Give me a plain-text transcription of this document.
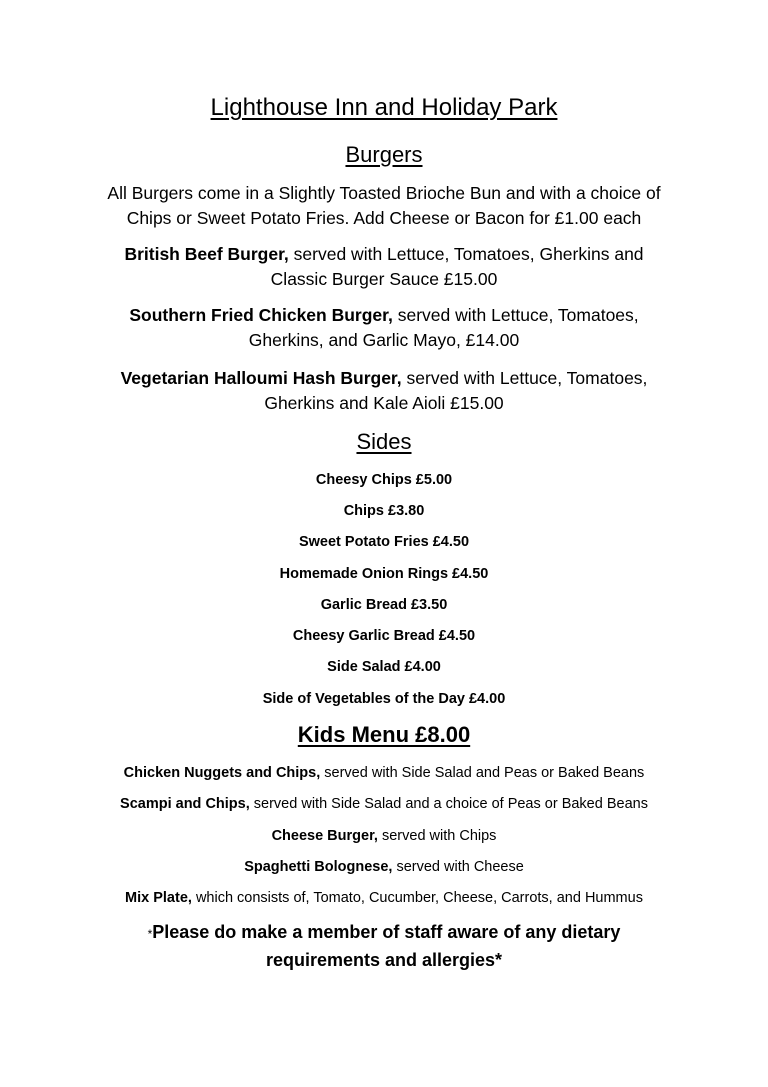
Lighthouse Inn and Holiday Park
Burgers
All Burgers come in a Slightly Toasted Brioche Bun and with a choice of
Chips or Sweet Potato Fries. Add Cheese or Bacon for £1.00 each
British Beef Burger, served with Lettuce, Tomatoes, Gherkins and
Classic Burger Sauce £15.00
Southern Fried Chicken Burger, served with Lettuce, Tomatoes,
Gherkins, and Garlic Mayo, £14.00
Vegetarian Halloumi Hash Burger, served with Lettuce, Tomatoes,
Gherkins and Kale Aioli £15.00
Sides
Cheesy Chips £5.00
Chips £3.80
Sweet Potato Fries £4.50
Homemade Onion Rings £4.50
Garlic Bread £3.50
Cheesy Garlic Bread £4.50
Side Salad £4.00
Side of Vegetables of the Day £4.00
Kids Menu £8.00
Chicken Nuggets and Chips, served with Side Salad and Peas or Baked Beans
Scampi and Chips, served with Side Salad and a choice of Peas or Baked Beans
Cheese Burger, served with Chips
Spaghetti Bolognese, served with Cheese
Mix Plate, which consists of, Tomato, Cucumber, Cheese, Carrots, and Hummus
*Please do make a member of staff aware of any dietary
requirements and allergies*
